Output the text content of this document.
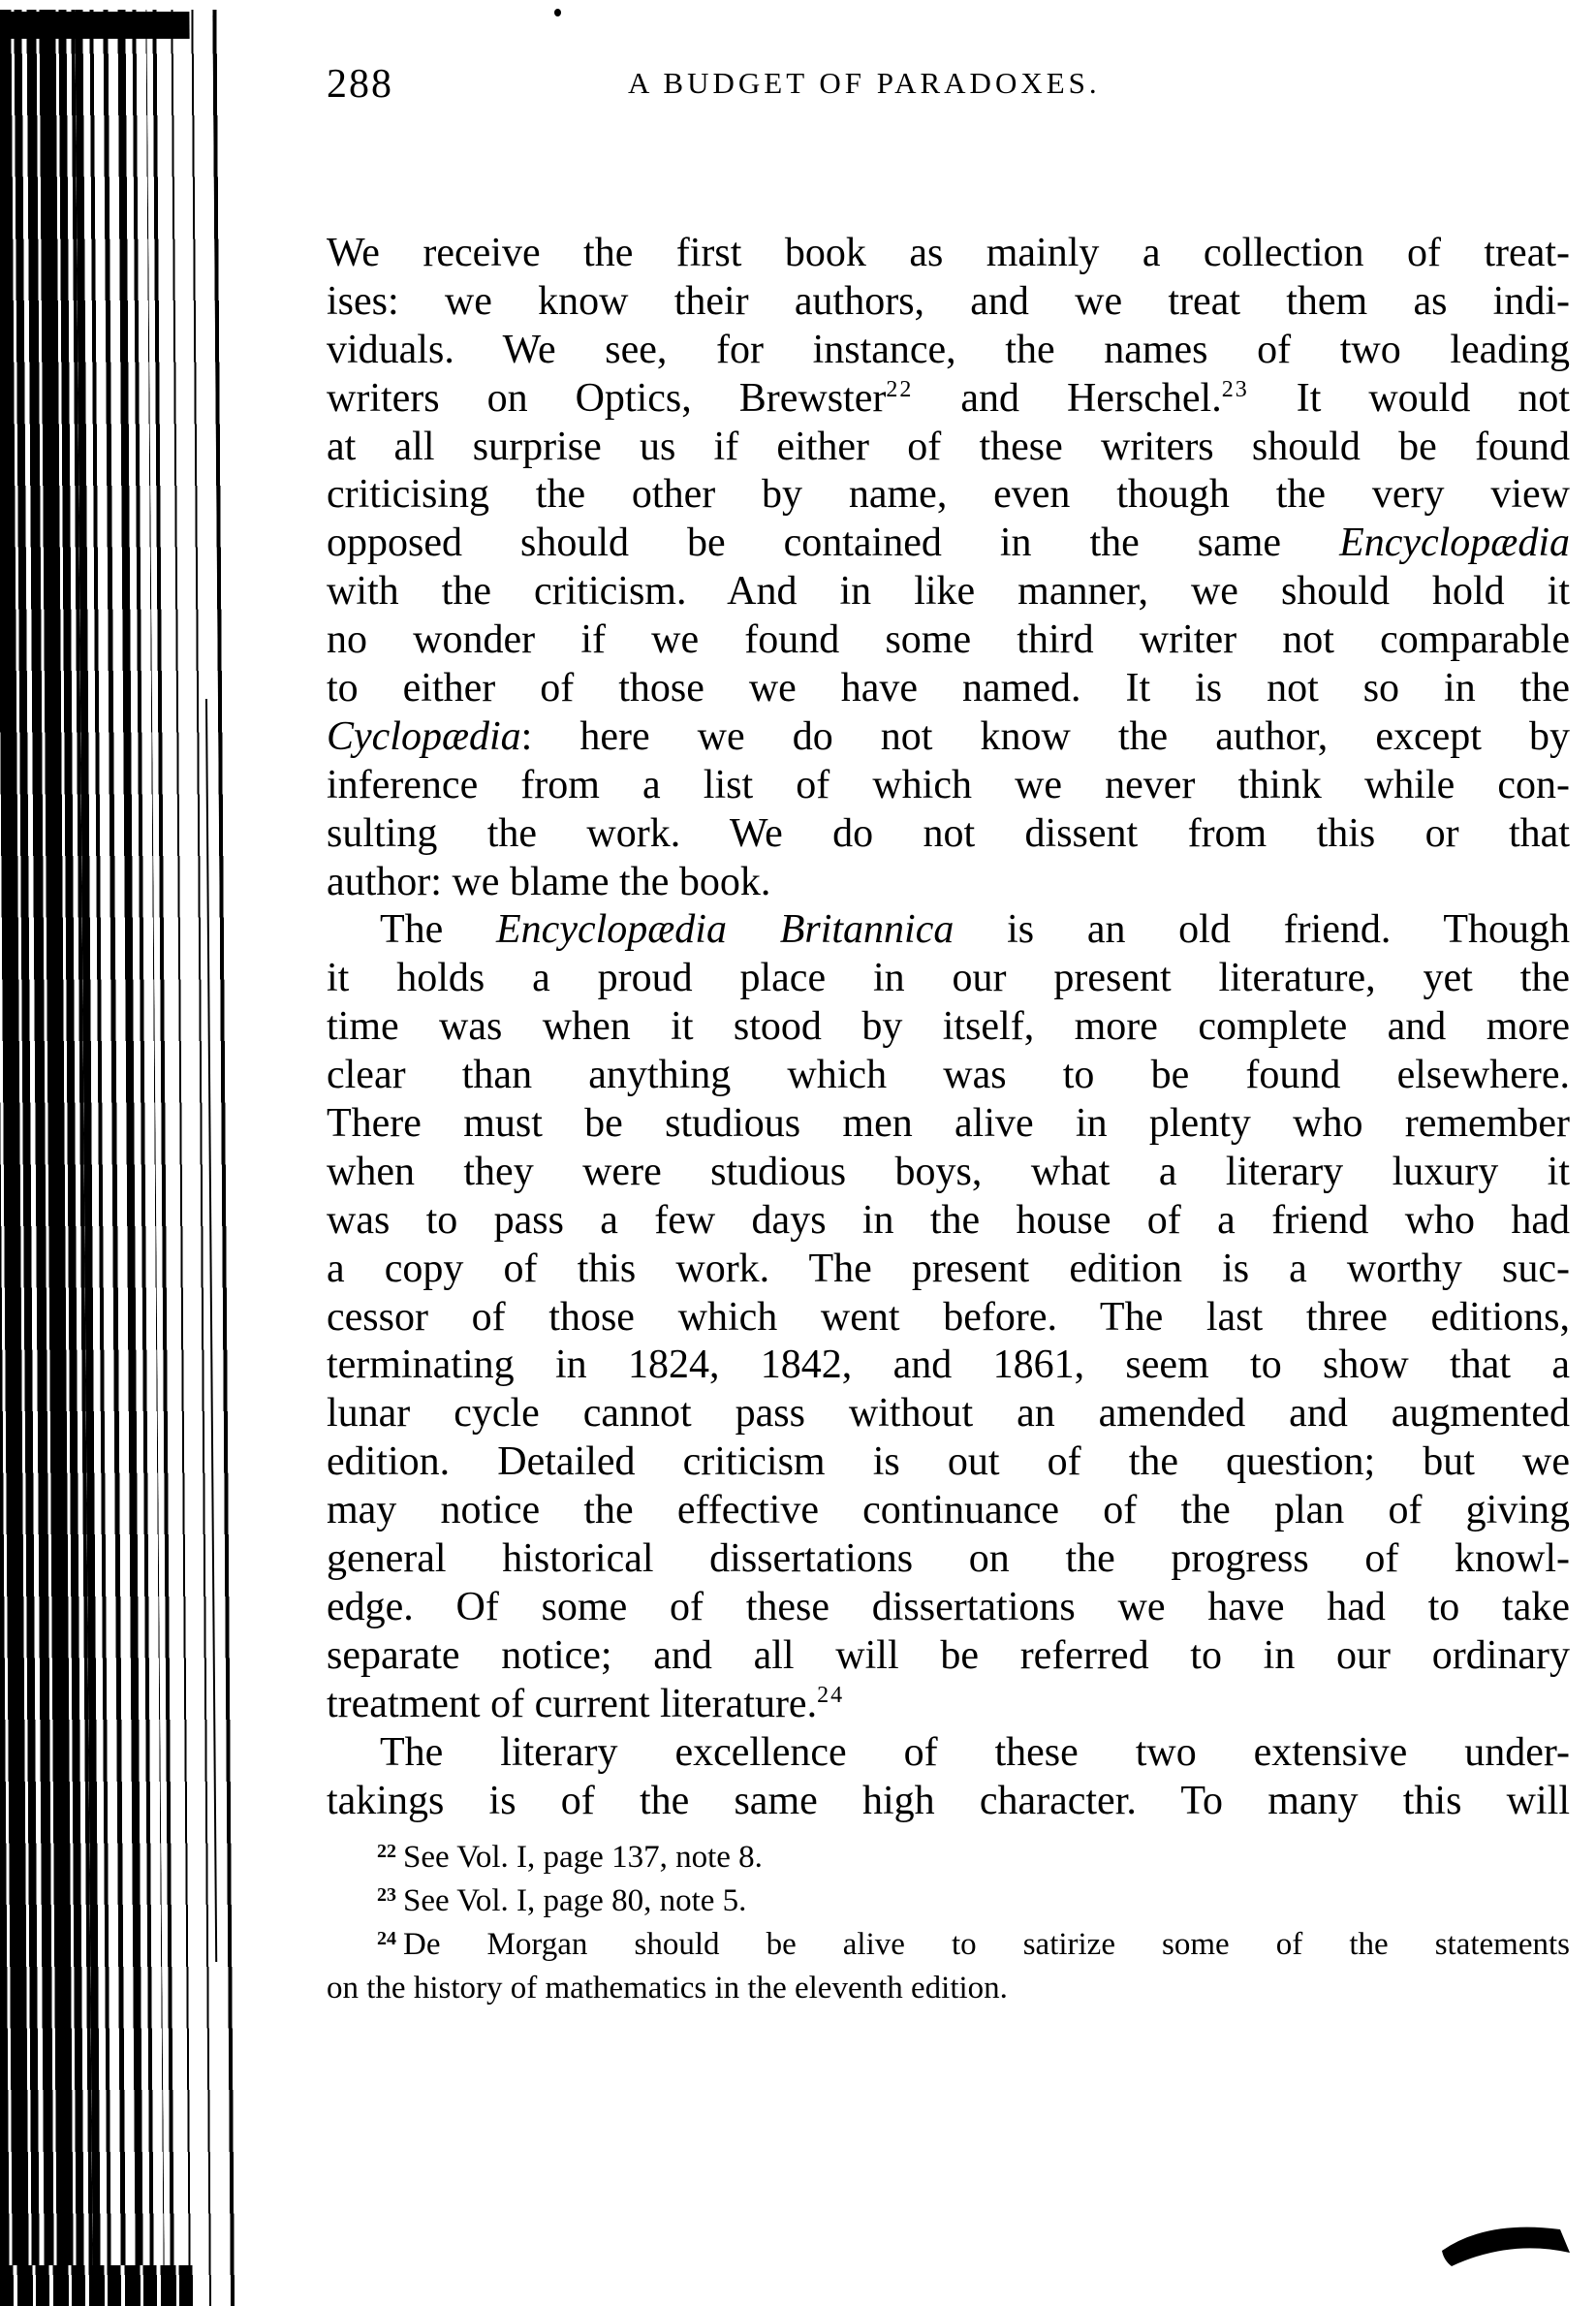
288	A BUDGET OF PARADOXES.
We receive the first book as mainly a collection of treat-
ises: we know their authors, and we treat them as indi-
viduals. We see, for instance, the names of two leading
writers on Optics, Brewster$^{22}$ and Herschel.$^{23}$ It would not
at all surprise us if either of these writers should be found
criticising the other by name, even though the very view
opposed should be contained in the same Encyclopædia
with the criticism. And in like manner, we should hold it
no wonder if we found some third writer not comparable
to either of those we have named. It is not so in the
Cyclopædia: here we do not know the author, except by
inference from a list of which we never think while con-
sulting the work. We do not dissent from this or that
author: we blame the book.
The Encyclopædia Britannica is an old friend. Though
it holds a proud place in our present literature, yet the
time was when it stood by itself, more complete and more
clear than anything which was to be found elsewhere.
There must be studious men alive in plenty who remember
when they were studious boys, what a literary luxury it
was to pass a few days in the house of a friend who had
a copy of this work. The present edition is a worthy suc-
cessor of those which went before. The last three editions,
terminating in 1824, 1842, and 1861, seem to show that a
lunar cycle cannot pass without an amended and augmented
edition. Detailed criticism is out of the question; but we
may notice the effective continuance of the plan of giving
general historical dissertations on the progress of knowl-
edge. Of some of these dissertations we have had to take
separate notice; and all will be referred to in our ordinary
treatment of current literature.$^{24}$
The literary excellence of these two extensive under-
takings is of the same high character. To many this will
$^{22}$ See Vol. I, page 137, note 8.
$^{23}$ See Vol. I, page 80, note 5.
$^{24}$ De Morgan should be alive to satirize some of the statements
on the history of mathematics in the eleventh edition.
